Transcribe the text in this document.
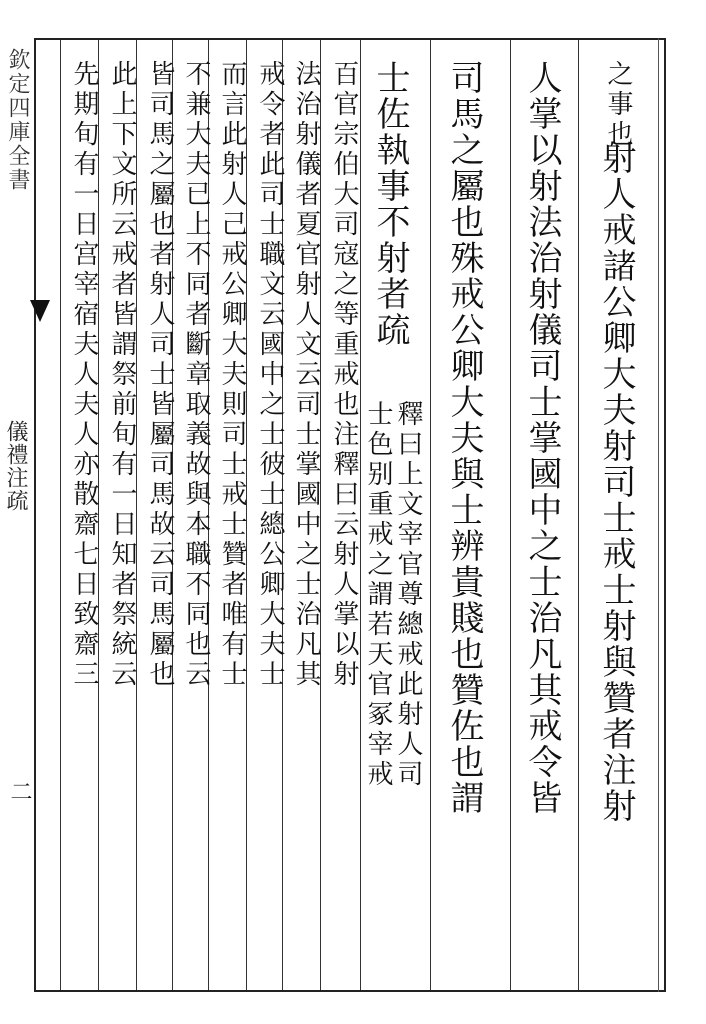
欽定四庫全書
儀禮注疏
二

之事也

射人戒諸公卿大夫射司士戒士射與贊者注射

人掌以射法治射儀司士掌國中之士治凡其戒令皆

司馬之屬也殊戒公卿大夫與士辨貴賤也贊佐也謂

士佐執事不射者疏

釋曰上文宰官尊總戒此射人司

士色别重戒之謂若天官冢宰戒

百官宗伯大司寇之等重戒也注釋曰云射人掌以射

法治射儀者夏官射人文云司士掌國中之士治凡其

戒令者此司士職文云國中之士彼士總公卿大夫士

而言此射人己戒公卿大夫則司士戒士贊者唯有士

不兼大夫已上不同者斷章取義故與本職不同也云

皆司馬之屬也者射人司士皆屬司馬故云司馬屬也

此上下文所云戒者皆謂祭前旬有一日知者祭統云

先期旬有一日宫宰宿夫人夫人亦散齋七日致齋三
